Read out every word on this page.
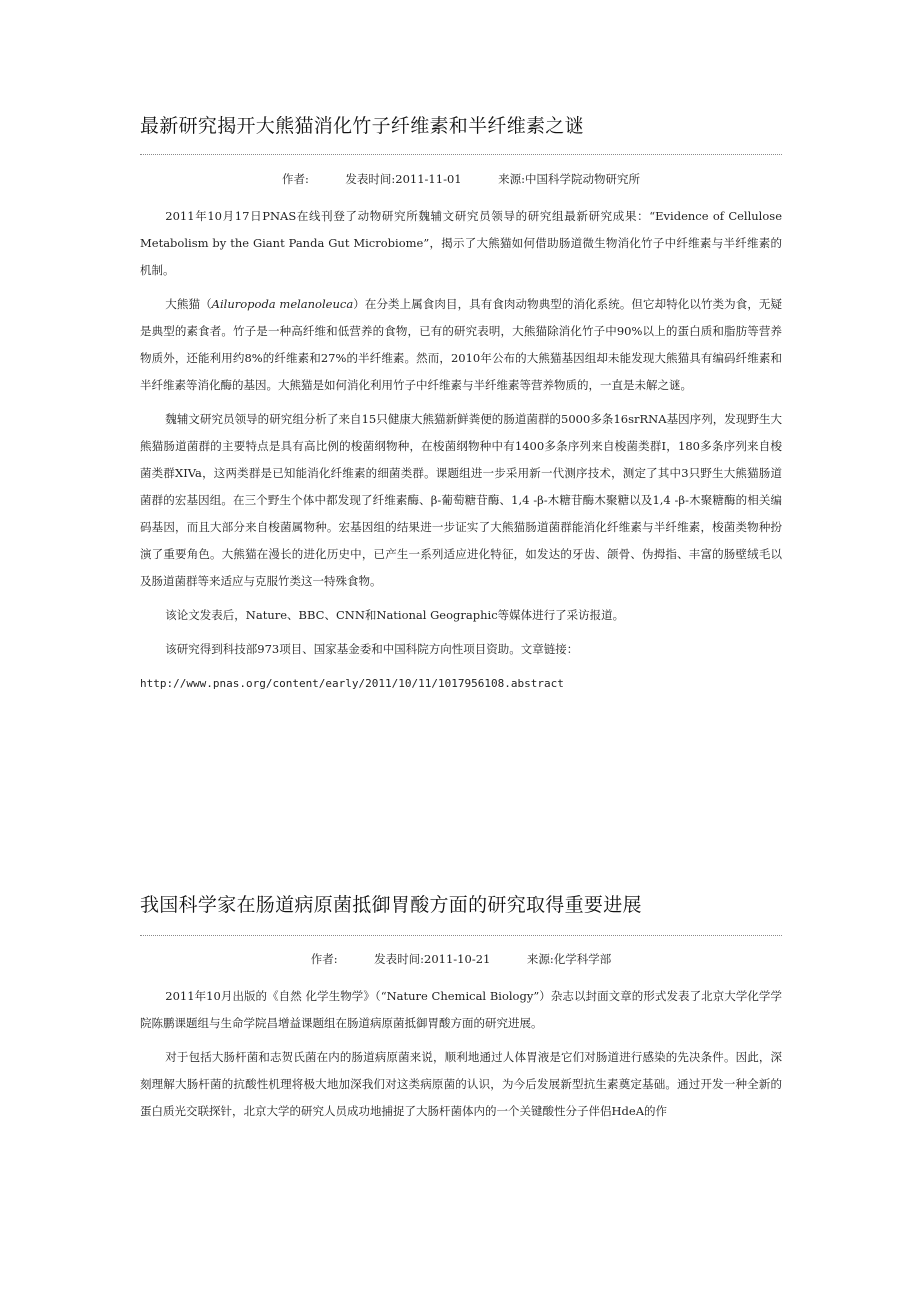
最新研究揭开大熊猫消化竹子纤维素和半纤维素之谜
作者:	发表时间:2011-11-01	来源:中国科学院动物研究所

2011年10月17日PNAS在线刊登了动物研究所魏辅文研究员领导的研究组最新研究成果：“Evidence of Cellulose Metabolism by the Giant Panda Gut Microbiome”，揭示了大熊猫如何借助肠道微生物消化竹子中纤维素与半纤维素的机制。

大熊猫（Ailuropoda melanoleuca）在分类上属食肉目，具有食肉动物典型的消化系统。但它却特化以竹类为食，无疑是典型的素食者。竹子是一种高纤维和低营养的食物，已有的研究表明，大熊猫除消化竹子中90%以上的蛋白质和脂肪等营养物质外，还能利用约8%的纤维素和27%的半纤维素。然而，2010年公布的大熊猫基因组却未能发现大熊猫具有编码纤维素和半纤维素等消化酶的基因。大熊猫是如何消化利用竹子中纤维素与半纤维素等营养物质的，一直是未解之谜。

魏辅文研究员领导的研究组分析了来自15只健康大熊猫新鲜粪便的肠道菌群的5000多条16srRNA基因序列，发现野生大熊猫肠道菌群的主要特点是具有高比例的梭菌纲物种，在梭菌纲物种中有1400多条序列来自梭菌类群I，180多条序列来自梭菌类群XIVa，这两类群是已知能消化纤维素的细菌类群。课题组进一步采用新一代测序技术，测定了其中3只野生大熊猫肠道菌群的宏基因组。在三个野生个体中都发现了纤维素酶、β-葡萄糖苷酶、1,4 -β-木糖苷酶木聚糖以及1,4 -β-木聚糖酶的相关编码基因，而且大部分来自梭菌属物种。宏基因组的结果进一步证实了大熊猫肠道菌群能消化纤维素与半纤维素，梭菌类物种扮演了重要角色。大熊猫在漫长的进化历史中，已产生一系列适应进化特征，如发达的牙齿、颌骨、伪拇指、丰富的肠壁绒毛以及肠道菌群等来适应与克服竹类这一特殊食物。

该论文发表后，Nature、BBC、CNN和National Geographic等媒体进行了采访报道。

该研究得到科技部973项目、国家基金委和中国科院方向性项目资助。文章链接：

http://www.pnas.org/content/early/2011/10/11/1017956108.abstract

我国科学家在肠道病原菌抵御胃酸方面的研究取得重要进展
作者:	发表时间:2011-10-21	来源:化学科学部

2011年10月出版的《自然 化学生物学》（“Nature Chemical Biology”）杂志以封面文章的形式发表了北京大学化学学院陈鹏课题组与生命学院昌增益课题组在肠道病原菌抵御胃酸方面的研究进展。

对于包括大肠杆菌和志贺氏菌在内的肠道病原菌来说，顺利地通过人体胃液是它们对肠道进行感染的先决条件。因此，深刻理解大肠杆菌的抗酸性机理将极大地加深我们对这类病原菌的认识，为今后发展新型抗生素奠定基础。通过开发一种全新的蛋白质光交联探针，北京大学的研究人员成功地捕捉了大肠杆菌体内的一个关键酸性分子伴侣HdeA的作
